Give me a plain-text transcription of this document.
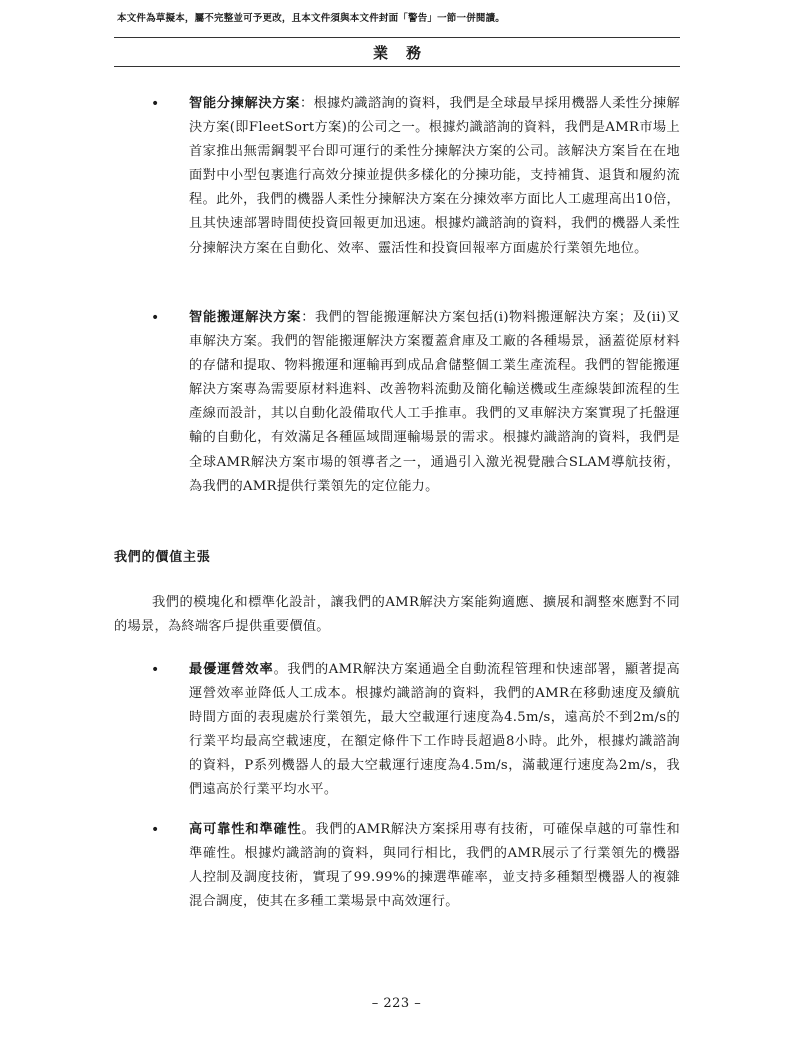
本文件為草擬本，屬不完整並可予更改，且本文件須與本文件封面「警告」一節一併閱讀。
業務
• 智能分揀解決方案：根據灼識諮詢的資料，我們是全球最早採用機器人柔性分揀解決方案(即FleetSort方案)的公司之一。根據灼識諮詢的資料，我們是AMR市場上首家推出無需鋼製平台即可運行的柔性分揀解決方案的公司。該解決方案旨在在地面對中小型包裹進行高效分揀並提供多樣化的分揀功能，支持補貨、退貨和履約流程。此外，我們的機器人柔性分揀解決方案在分揀效率方面比人工處理高出10倍，且其快速部署時間使投資回報更加迅速。根據灼識諮詢的資料，我們的機器人柔性分揀解決方案在自動化、效率、靈活性和投資回報率方面處於行業領先地位。

• 智能搬運解決方案：我們的智能搬運解決方案包括(i)物料搬運解決方案；及(ii)叉車解決方案。我們的智能搬運解決方案覆蓋倉庫及工廠的各種場景，涵蓋從原材料的存儲和提取、物料搬運和運輸再到成品倉儲整個工業生產流程。我們的智能搬運解決方案專為需要原材料進料、改善物料流動及簡化輸送機或生產線裝卸流程的生產線而設計，其以自動化設備取代人工手推車。我們的叉車解決方案實現了托盤運輸的自動化，有效滿足各種區域間運輸場景的需求。根據灼識諮詢的資料，我們是全球AMR解決方案市場的領導者之一，通過引入激光視覺融合SLAM導航技術，為我們的AMR提供行業領先的定位能力。

我們的價值主張

我們的模塊化和標準化設計，讓我們的AMR解決方案能夠適應、擴展和調整來應對不同的場景，為終端客戶提供重要價值。

• 最優運營效率。我們的AMR解決方案通過全自動流程管理和快速部署，顯著提高運營效率並降低人工成本。根據灼識諮詢的資料，我們的AMR在移動速度及續航時間方面的表現處於行業領先，最大空載運行速度為4.5m/s，遠高於不到2m/s的行業平均最高空載速度，在額定條件下工作時長超過8小時。此外，根據灼識諮詢的資料，P系列機器人的最大空載運行速度為4.5m/s，滿載運行速度為2m/s，我們遠高於行業平均水平。

• 高可靠性和準確性。我們的AMR解決方案採用專有技術，可確保卓越的可靠性和準確性。根據灼識諮詢的資料，與同行相比，我們的AMR展示了行業領先的機器人控制及調度技術，實現了99.99%的揀選準確率，並支持多種類型機器人的複雜混合調度，使其在多種工業場景中高效運行。

– 223 –
